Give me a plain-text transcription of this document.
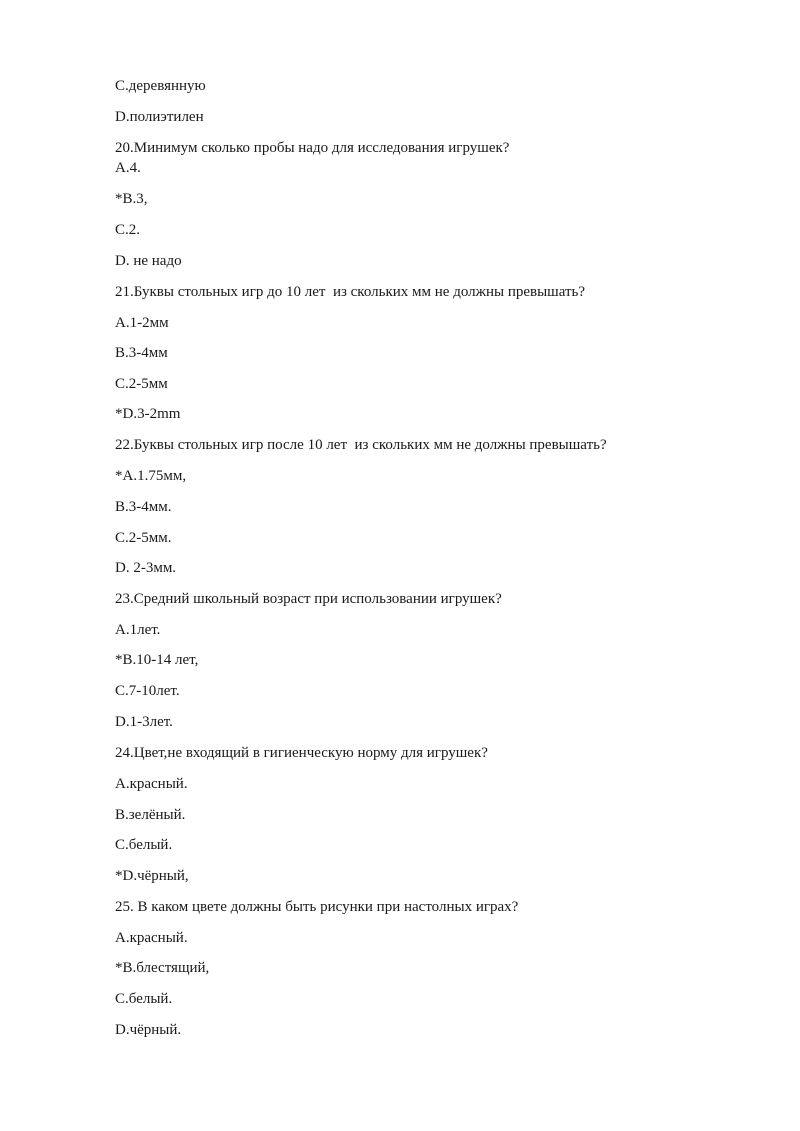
C.деревянную
D.полиэтилен
20.Минимум сколько пробы надо для исследования игрушек?
A.4.
*B.3,
C.2.
D. не надо
21.Буквы стольных игр до 10 лет  из скольких мм не должны превышать?
A.1-2мм
B.3-4мм
C.2-5мм
*D.3-2mm
22.Буквы стольных игр после 10 лет  из скольких мм не должны превышать?
*A.1.75мм,
B.3-4мм.
C.2-5мм.
D. 2-3мм.
23.Средний школьный возраст при использовании игрушек?
A.1лет.
*B.10-14 лет,
C.7-10лет.
D.1-3лет.
24.Цвет,не входящий в гигиенческую норму для игрушек?
A.красный.
B.зелёный.
C.белый.
*D.чёрный,
25. В каком цвете должны быть рисунки при настолных играх?
A.красный.
*B.блестящий,
C.белый.
D.чёрный.
